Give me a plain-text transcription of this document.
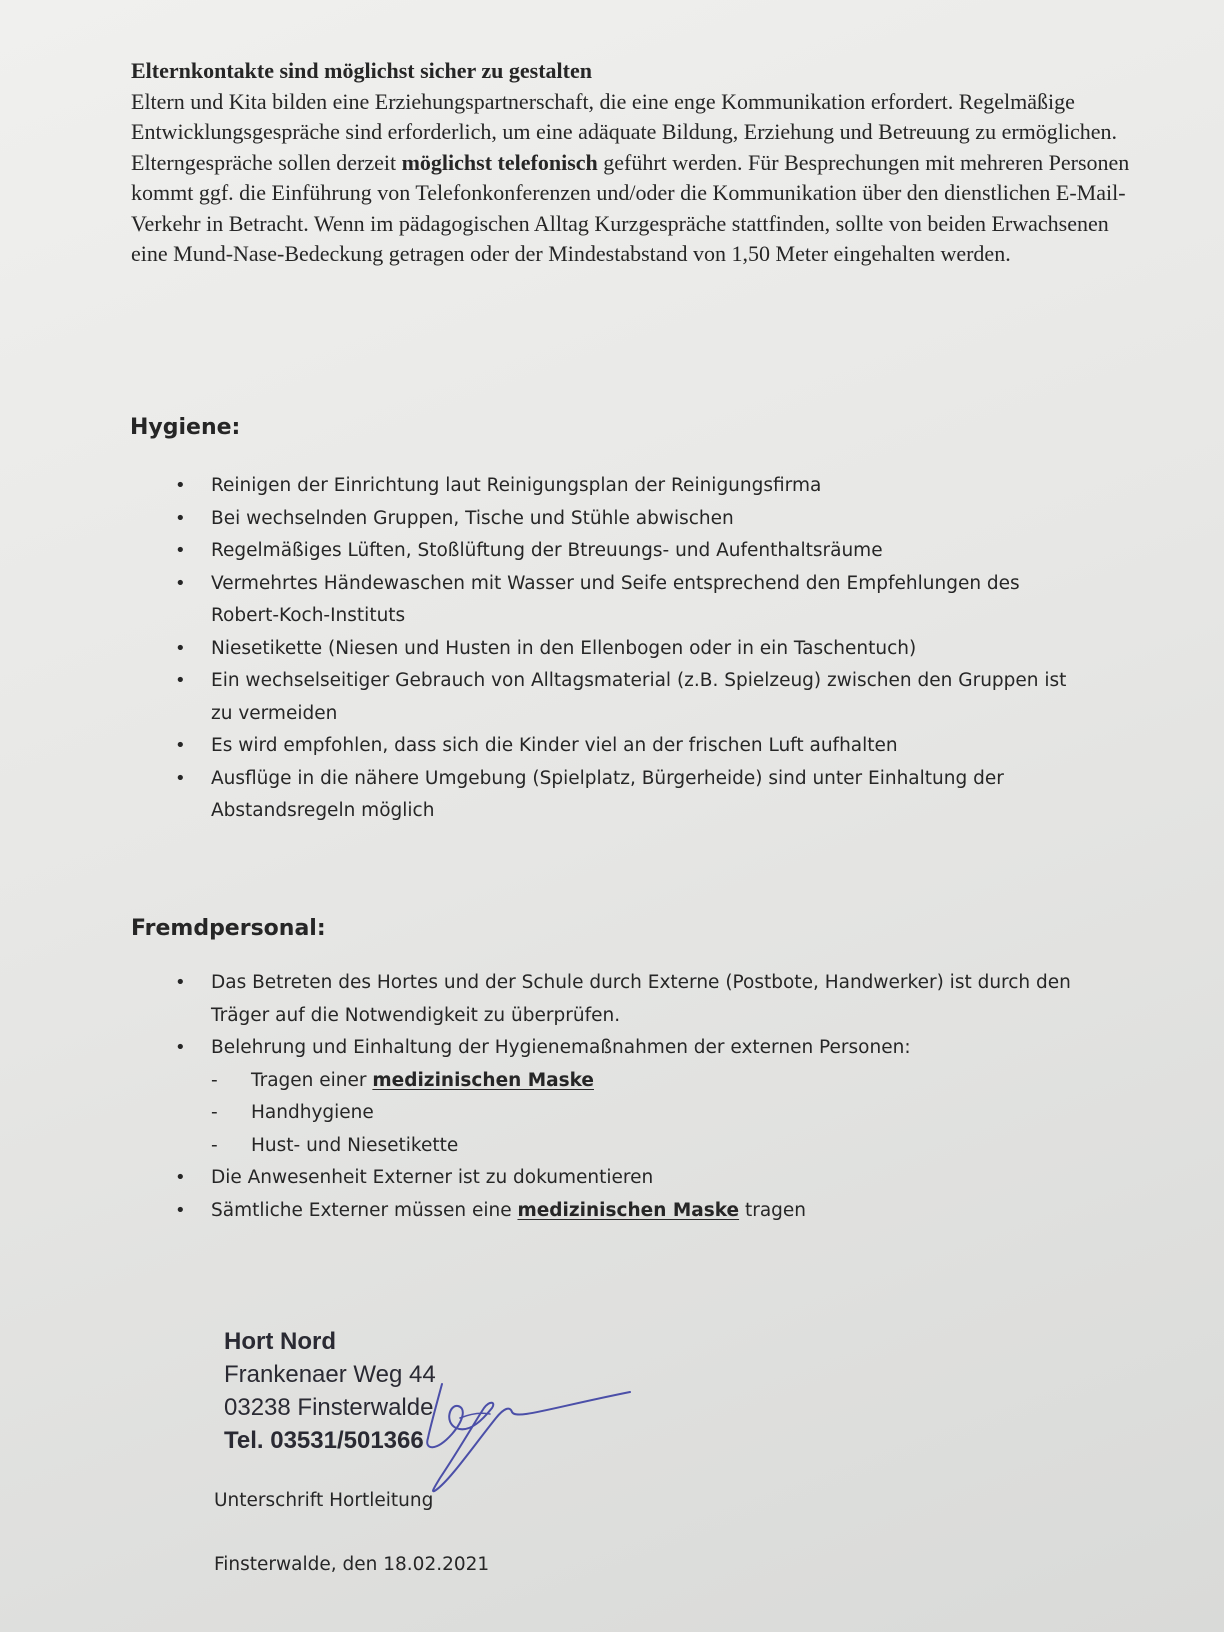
Elternkontakte sind möglichst sicher zu gestalten

Eltern und Kita bilden eine Erziehungspartnerschaft, die eine enge Kommunikation erfordert. Regelmäßige Entwicklungsgespräche sind erforderlich, um eine adäquate Bildung, Erziehung und Betreuung zu ermöglichen. Elterngespräche sollen derzeit möglichst telefonisch geführt werden. Für Besprechungen mit mehreren Personen kommt ggf. die Einführung von Telefonkonferenzen und/oder die Kommunikation über den dienstlichen E-Mail-Verkehr in Betracht. Wenn im pädagogischen Alltag Kurzgespräche stattfinden, sollte von beiden Erwachsenen eine Mund-Nase-Bedeckung getragen oder der Mindestabstand von 1,50 Meter eingehalten werden.

Hygiene:
• Reinigen der Einrichtung laut Reinigungsplan der Reinigungsfirma
• Bei wechselnden Gruppen, Tische und Stühle abwischen
• Regelmäßiges Lüften, Stoßlüftung der Btreuungs- und Aufenthaltsräume
• Vermehrtes Händewaschen mit Wasser und Seife entsprechend den Empfehlungen des Robert-Koch-Instituts
• Niesetikette (Niesen und Husten in den Ellenbogen oder in ein Taschentuch)
• Ein wechselseitiger Gebrauch von Alltagsmaterial (z.B. Spielzeug) zwischen den Gruppen ist zu vermeiden
• Es wird empfohlen, dass sich die Kinder viel an der frischen Luft aufhalten
• Ausflüge in die nähere Umgebung (Spielplatz, Bürgerheide) sind unter Einhaltung der Abstandsregeln möglich
Fremdpersonal:
• Das Betreten des Hortes und der Schule durch Externe (Postbote, Handwerker) ist durch den Träger auf die Notwendigkeit zu überprüfen.
• Belehrung und Einhaltung der Hygienemaßnahmen der externen Personen:
- Tragen einer medizinischen Maske
- Handhygiene
- Hust- und Niesetikette
• Die Anwesenheit Externer ist zu dokumentieren
• Sämtliche Externer müssen eine medizinischen Maske tragen
Hort Nord
Frankenaer Weg 44
03238 Finsterwalde
Tel. 03531/501366
Unterschrift Hortleitung
Finsterwalde, den 18.02.2021
